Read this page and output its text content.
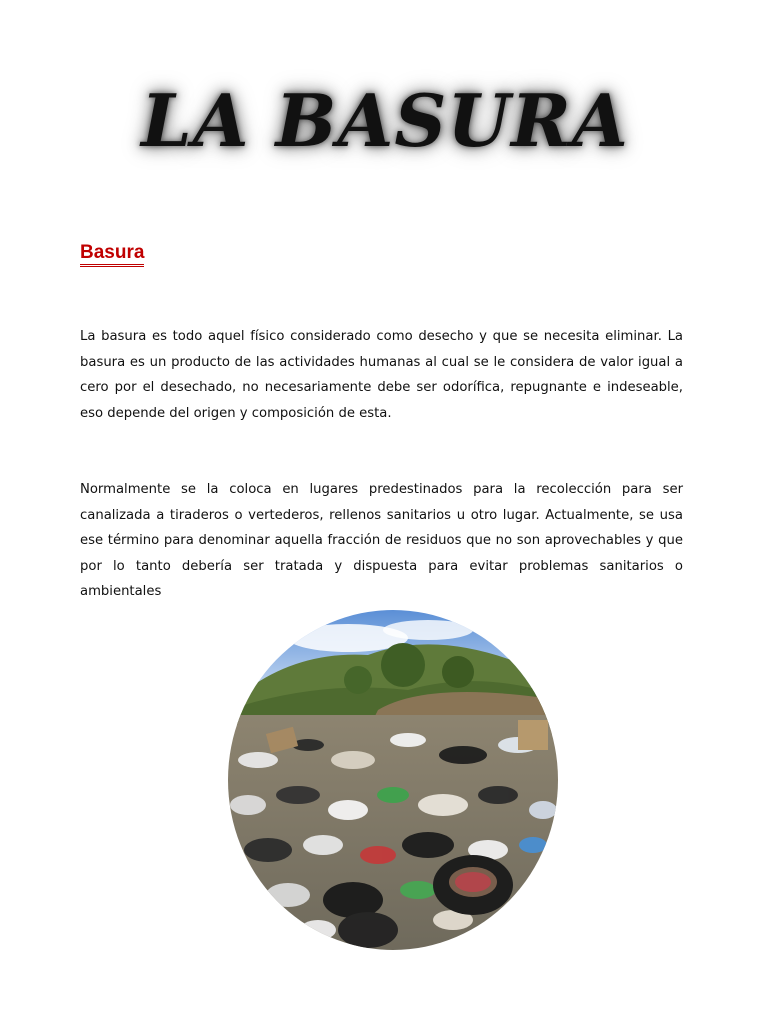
LA BASURA
Basura

La basura es todo aquel físico considerado como desecho y que se necesita eliminar. La basura es un producto de las actividades humanas al cual se le considera de valor igual a cero por el desechado, no necesariamente debe ser odorífica, repugnante e indeseable, eso depende del origen y composición de esta.

Normalmente se la coloca en lugares predestinados para la recolección para ser canalizada a tiraderos o vertederos, rellenos sanitarios u otro lugar. Actualmente, se usa ese término para denominar aquella fracción de residuos que no son aprovechables y que por lo tanto debería ser tratada y dispuesta para evitar problemas sanitarios o ambientales
